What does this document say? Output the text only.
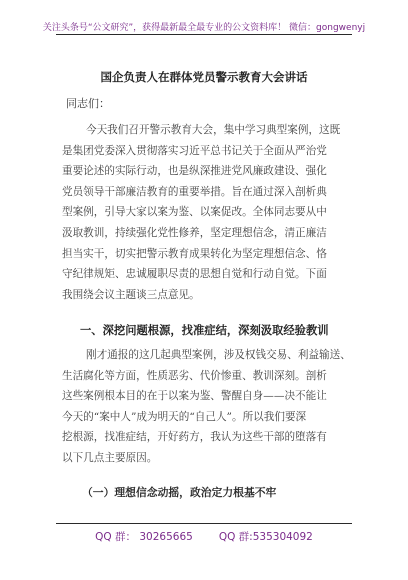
关注头条号“公文研究”，获得最新最全最专业的公文资料库！ 微信：gongwenyj
国企负责人在群体党员警示教育大会讲话
同志们：
今天我们召开警示教育大会，集中学习典型案例，这既
是集团党委深入贯彻落实习近平总书记关于全面从严治党
重要论述的实际行动，也是纵深推进党风廉政建设、强化
党员领导干部廉洁教育的重要举措。旨在通过深入剖析典
型案例，引导大家以案为鉴、以案促改。全体同志要从中
汲取教训，持续强化党性修养，坚定理想信念，清正廉洁
担当实干，切实把警示教育成果转化为坚定理想信念、恪
守纪律规矩、忠诚履职尽责的思想自觉和行动自觉。下面
我围绕会议主题谈三点意见。
一、深挖问题根源，找准症结，深刻汲取经验教训
刚才通报的这几起典型案例，涉及权钱交易、利益输送、
生活腐化等方面，性质恶劣、代价惨重、教训深刻。剖析
这些案例根本目的在于以案为鉴、警醒自身——决不能让
今天的“案中人”成为明天的“自己人”。所以我们要深
挖根源，找准症结，开好药方，我认为这些干部的堕落有
以下几点主要原因。
（一）理想信念动摇，政治定力根基不牢
QQ 群： 30265665 QQ 群:535304092
